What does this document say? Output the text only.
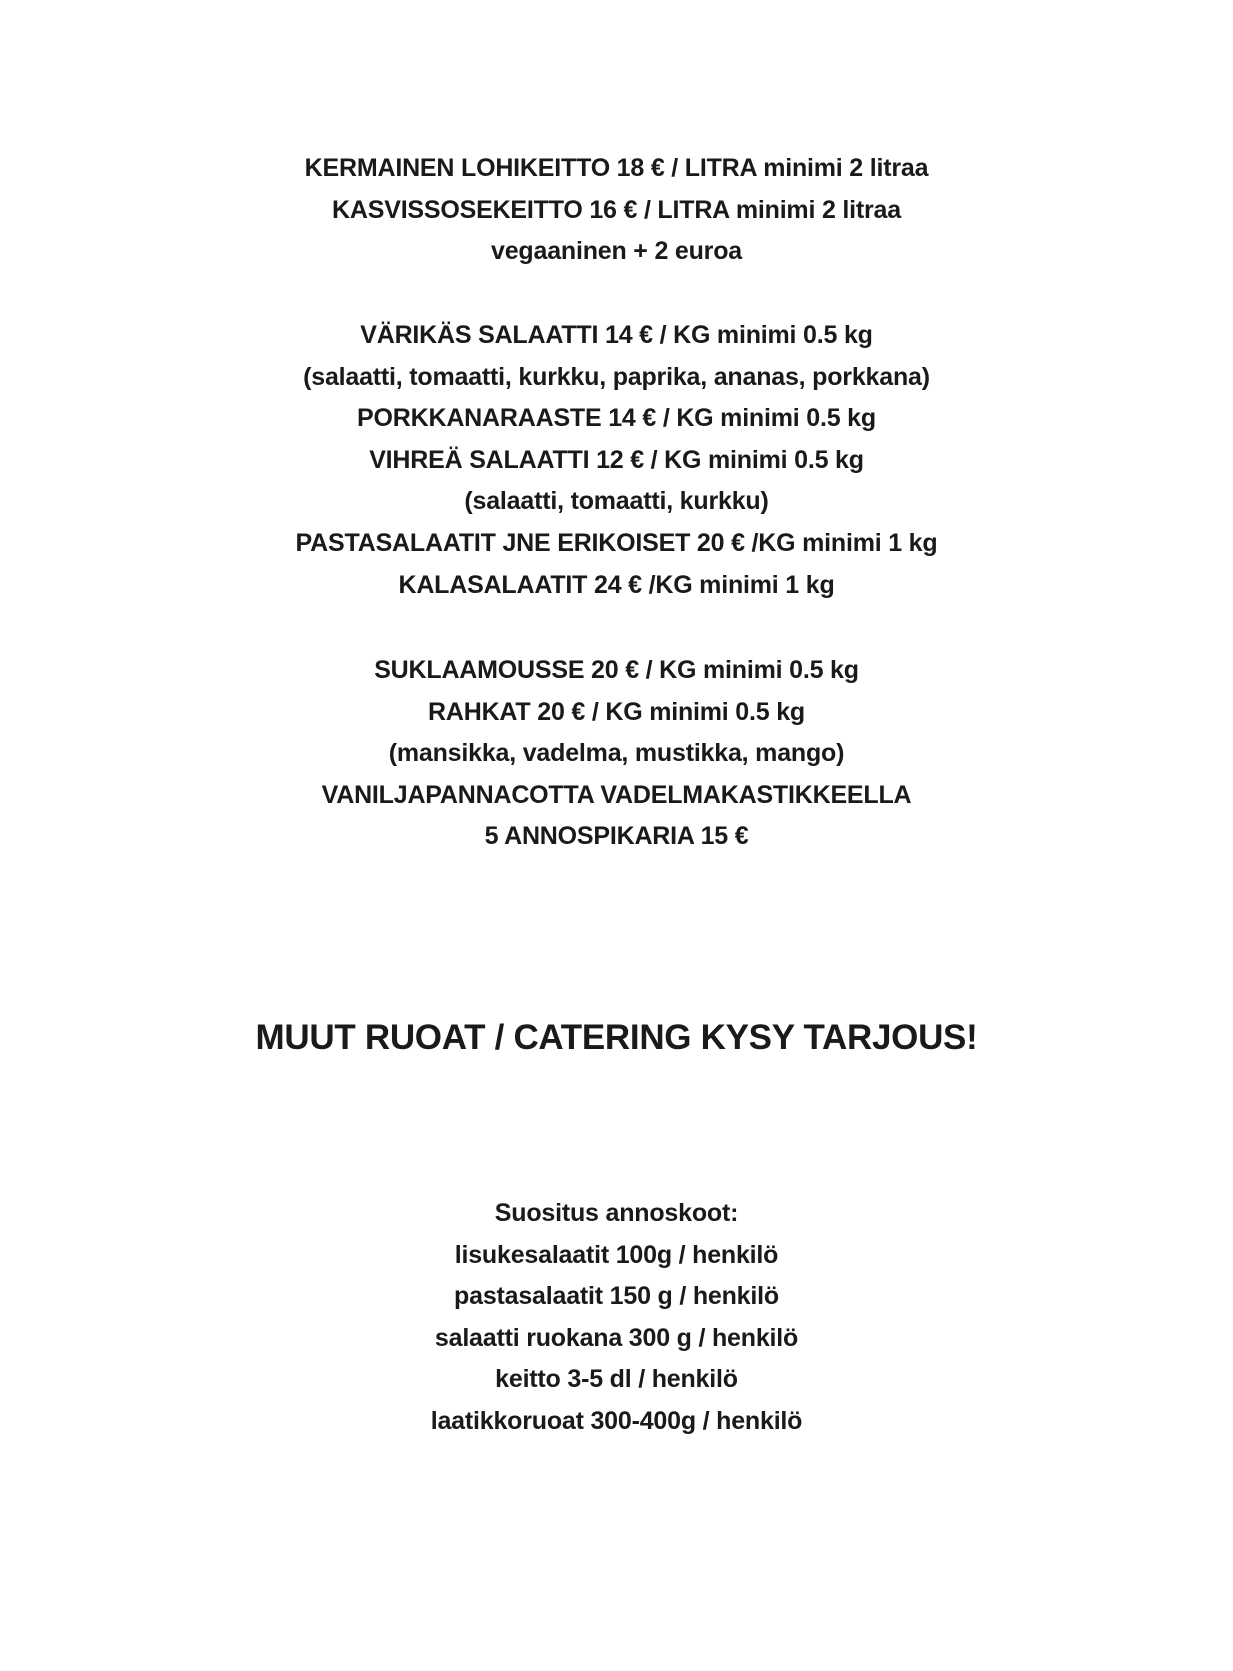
KERMAINEN LOHIKEITTO 18 € / LITRA minimi 2 litraa
KASVISSOSEKEITTO 16 € / LITRA minimi 2 litraa
vegaaninen + 2 euroa
VÄRIKÄS SALAATTI 14 € / KG minimi 0.5 kg
(salaatti, tomaatti, kurkku, paprika, ananas, porkkana)
PORKKANARAASTE 14 € / KG minimi 0.5 kg
VIHREÄ SALAATTI 12 € / KG minimi 0.5 kg
(salaatti, tomaatti, kurkku)
PASTASALAATIT JNE ERIKOISET 20 € /KG minimi 1 kg
KALASALAATIT 24 € /KG minimi 1 kg
SUKLAAMOUSSE 20 € / KG minimi 0.5 kg
RAHKAT 20 € / KG minimi 0.5 kg
(mansikka, vadelma, mustikka, mango)
VANILJAPANNACOTTA VADELMAKASTIKKEELLA
5 ANNOSPIKARIA 15 €
MUUT RUOAT / CATERING KYSY TARJOUS!
Suositus annoskoot:
lisukesalaatit 100g / henkilö
pastasalaatit 150 g / henkilö
salaatti ruokana 300 g / henkilö
keitto 3-5 dl / henkilö
laatikkoruoat 300-400g / henkilö
